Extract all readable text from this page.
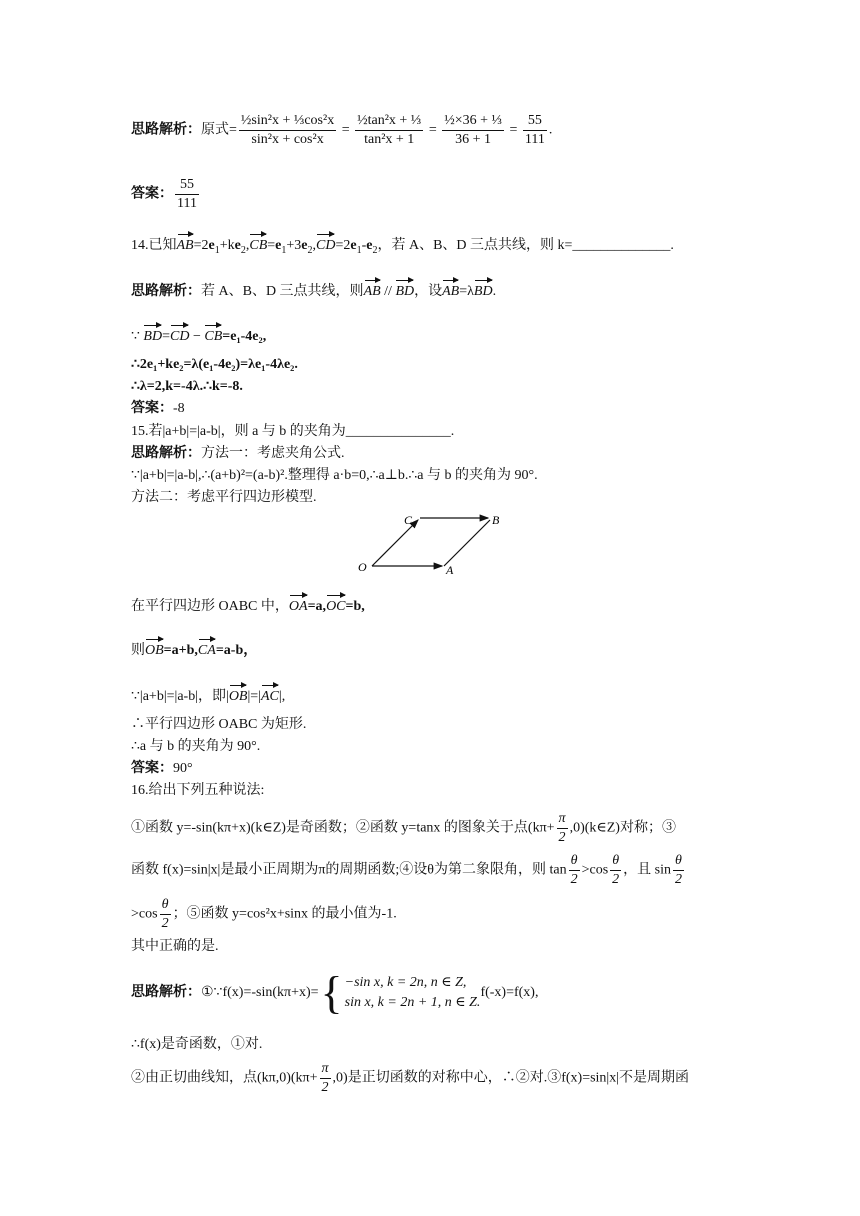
思路解析：原式= $\frac{\text{½sin²x + ⅓cos²x}}{\text{sin²x + cos²x}} = \frac{\text{½tan²x + ⅓}}{\text{tan²x + 1}} = \frac{\text{½×36 + ⅓}}{36 + 1} = \frac{55}{111}$ .
答案： $\frac{55}{111}$
14.已知$AB=2e_1+ke_2,CB=e_1+3e_2,CD=2e_1-e_2$，若 A、B、D 三点共线，则 k=______________.
思路解析：若 A、B、D 三点共线，则AB // BD，设AB=λBD.
∵ BD=CD − CB=e₁-4e₂,
∴2e₁+ke₂=λ(e₁-4e₂)=λe₁-4λe₂.
∴λ=2,k=-4λ.∴k=-8.
答案：-8
15.若|a+b|=|a-b|，则 a 与 b 的夹角为_______________.
思路解析：方法一：考虑夹角公式.
∵|a+b|=|a-b|,∴(a+b)²=(a-b)².整理得 a·b=0,∴a⊥b.∴a 与 b 的夹角为 90°.
方法二：考虑平行四边形模型.
C	B
O	A
在平行四边形 OABC 中，OA=a,OC=b,
则OB=a+b,CA=a-b，
∵|a+b|=|a-b|，即|OB|=|AC|,
∴平行四边形 OABC 为矩形.
∴a 与 b 的夹角为 90°.
答案：90°
16.给出下列五种说法:
①函数 y=-sin(kπ+x)(k∈Z)是奇函数；②函数 y=tanx 的图象关于点($k\pi+ \frac{\pi}{2}$ ,0)(k∈Z)对称；③
函数 f(x)=sin|x|是最小正周期为π的周期函数;④设θ为第二象限角，则 $\tan \frac{\theta}{2} >\cos \frac{\theta}{2}$ ，且 $\sin \frac{\theta}{2}$
$>\cos \frac{\theta}{2}$ ；⑤函数 y=cos²x+sinx 的最小值为-1.
其中正确的是.
思路解析：①∵f(x)=-sin(kπ+x)={ −sin x, k = 2n, n ∈ Z,
sin x, k = 2n + 1, n ∈ Z.
f(-x)=f(x),
∴f(x)是奇函数，①对.
②由正切曲线知，点$(k\pi,0)(k\pi+ \frac{\pi}{2} ,0)$是正切函数的对称中心，∴②对.③f(x)=sin|x|不是周期函
